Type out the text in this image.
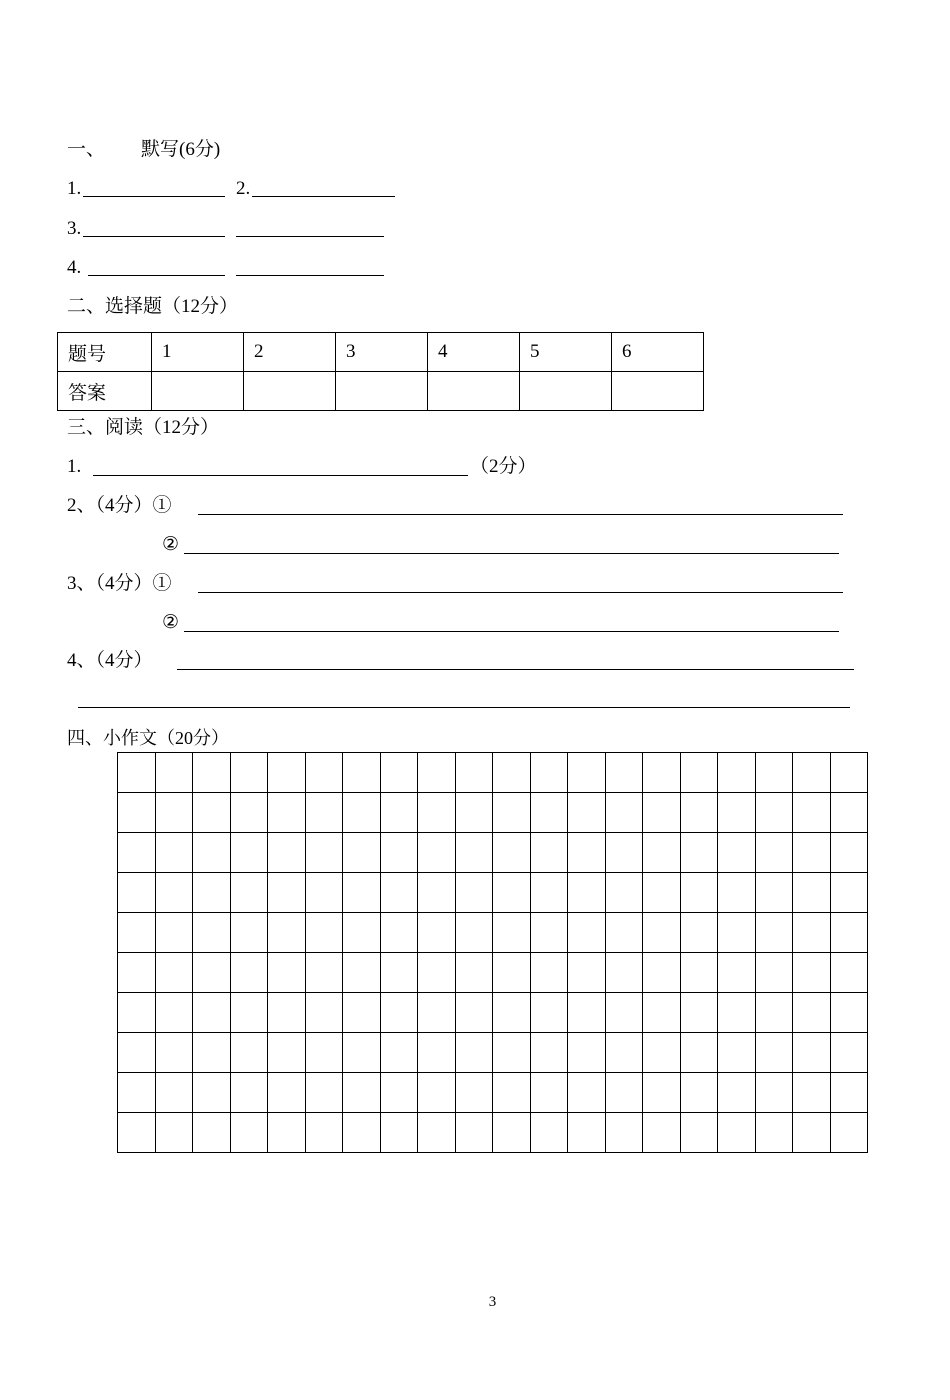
一、 默写(6分)
1.	2.
3.
4.
二、选择题（12分）
题号	1	2	3	4	5	6
答案						
三、阅读（12分）
1.	（2分）
2、（4分）①
②
3、（4分）①
②
4、（4分）
四、小作文（20分）
3
